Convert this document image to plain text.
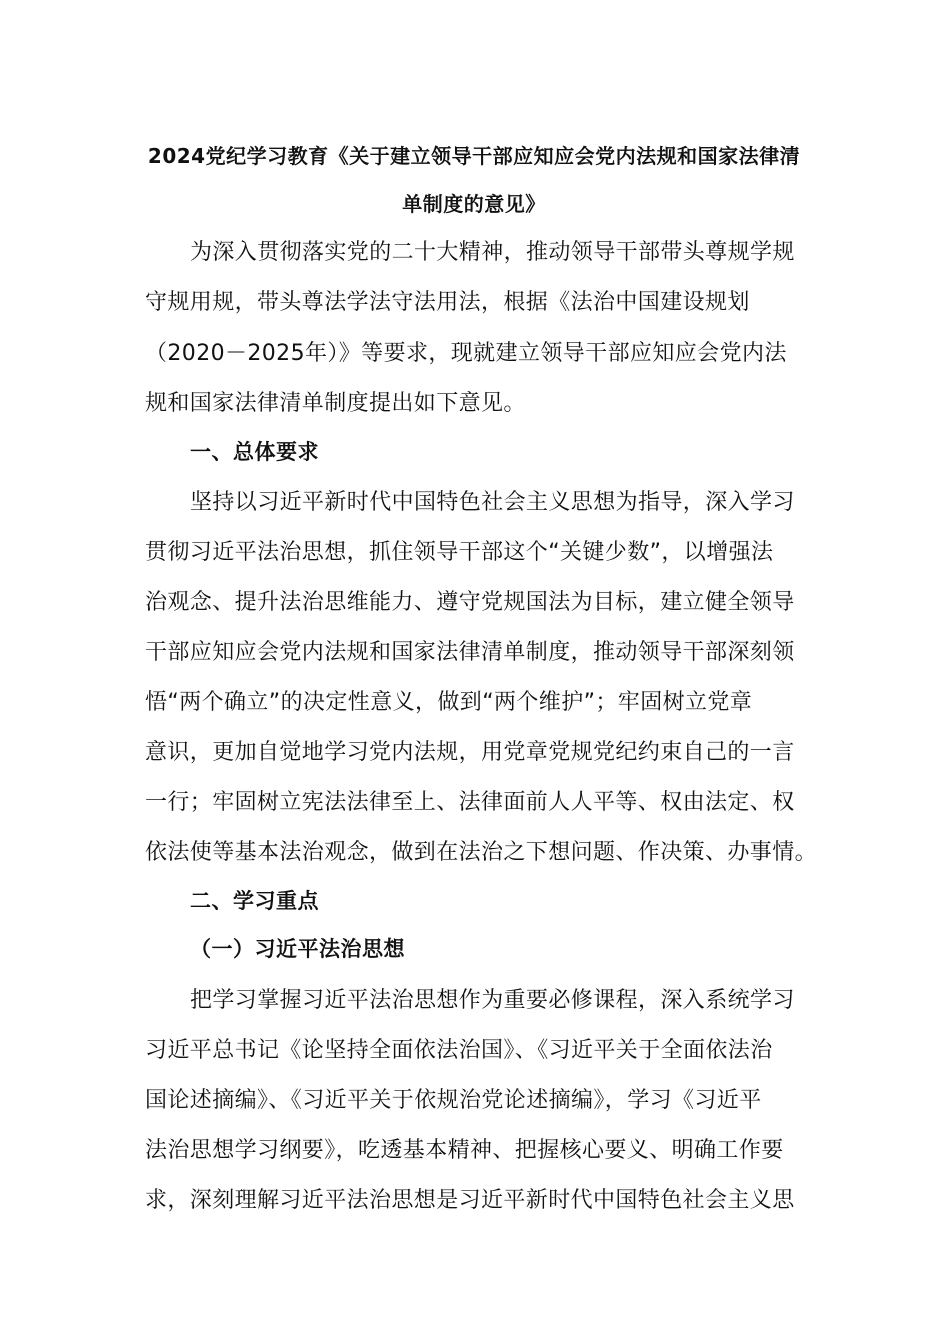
2024党纪学习教育《关于建立领导干部应知应会党内法规和国家法律清
单制度的意见》
为深入贯彻落实党的二十大精神，推动领导干部带头尊规学规
守规用规，带头尊法学法守法用法，根据《法治中国建设规划
（2020－2025年）》等要求，现就建立领导干部应知应会党内法
规和国家法律清单制度提出如下意见。
一、总体要求
坚持以习近平新时代中国特色社会主义思想为指导，深入学习
贯彻习近平法治思想，抓住领导干部这个“关键少数”，以增强法
治观念、提升法治思维能力、遵守党规国法为目标，建立健全领导
干部应知应会党内法规和国家法律清单制度，推动领导干部深刻领
悟“两个确立”的决定性意义，做到“两个维护”；牢固树立党章
意识，更加自觉地学习党内法规，用党章党规党纪约束自己的一言
一行；牢固树立宪法法律至上、法律面前人人平等、权由法定、权
依法使等基本法治观念，做到在法治之下想问题、作决策、办事情。
二、学习重点
（一）习近平法治思想
把学习掌握习近平法治思想作为重要必修课程，深入系统学习
习近平总书记《论坚持全面依法治国》、《习近平关于全面依法治
国论述摘编》、《习近平关于依规治党论述摘编》，学习《习近平
法治思想学习纲要》，吃透基本精神、把握核心要义、明确工作要
求，深刻理解习近平法治思想是习近平新时代中国特色社会主义思
